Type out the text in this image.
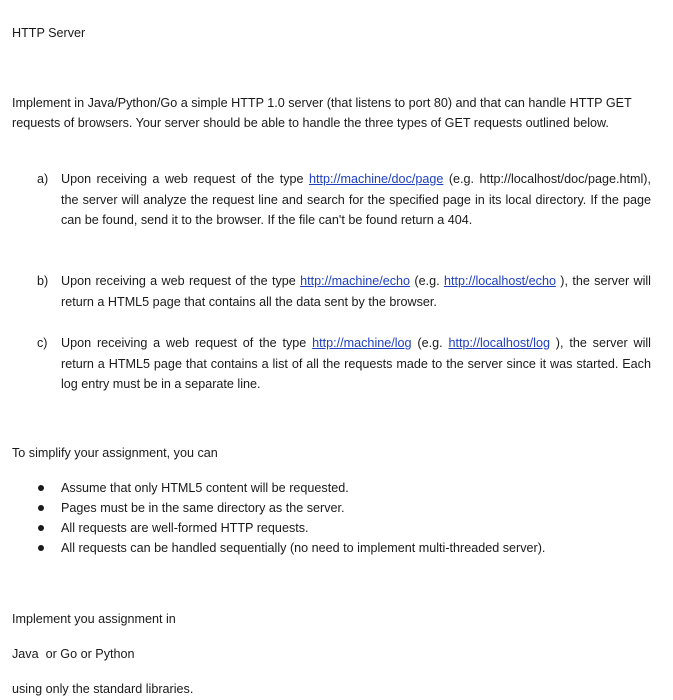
HTTP Server

Implement in Java/Python/Go a simple HTTP 1.0 server (that listens to port 80) and that can handle HTTP GET requests of browsers. Your server should be able to handle the three types of GET requests outlined below.

a)	Upon receiving a web request of the type http://machine/doc/page (e.g. http://localhost/doc/page.html), the server will analyze the request line and search for the specified page in its local directory. If the page can be found, send it to the browser. If the file can't be found return a 404.
b)	Upon receiving a web request of the type http://machine/echo (e.g. http://localhost/echo ), the server will return a HTML5 page that contains all the data sent by the browser.
c)	Upon receiving a web request of the type http://machine/log (e.g. http://localhost/log ), the server will return a HTML5 page that contains a list of all the requests made to the server since it was started. Each log entry must be in a separate line.

To simplify your assignment, you can

Assume that only HTML5 content will be requested.
Pages must be in the same directory as the server.
All requests are well-formed HTTP requests.
All requests can be handled sequentially (no need to implement multi-threaded server).

Implement you assignment in

Java  or Go or Python

using only the standard libraries.
